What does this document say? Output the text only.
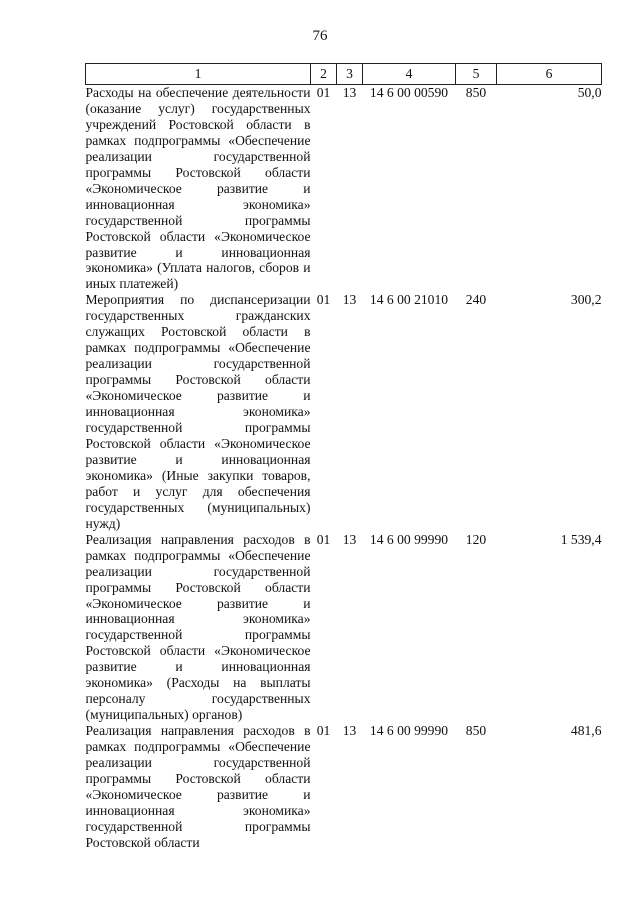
76
1	2	3	4	5	6
Расходы на обеспечение деятельности (оказание услуг) государственных учреждений Ростовской области в рамках подпрограммы «Обеспечение реализации государственной программы Ростовской области «Экономическое развитие и инновационная экономика» государственной программы Ростовской области «Экономическое развитие и инновационная экономика» (Уплата налогов, сборов и иных платежей)	01	13	14 6 00 00590	850	50,0
Мероприятия по диспансеризации государственных гражданских служащих Ростовской области в рамках подпрограммы «Обеспечение реализации государственной программы Ростовской области «Экономическое развитие и инновационная экономика» государственной программы Ростовской области «Экономическое развитие и инновационная экономика» (Иные закупки товаров, работ и услуг для обеспечения государственных (муниципальных) нужд)	01	13	14 6 00 21010	240	300,2
Реализация направления расходов в рамках подпрограммы «Обеспечение реализации государственной программы Ростовской области «Экономическое развитие и инновационная экономика» государственной программы Ростовской области «Экономическое развитие и инновационная экономика» (Расходы на выплаты персоналу государственных (муниципальных) органов)	01	13	14 6 00 99990	120	1 539,4
Реализация направления расходов в рамках подпрограммы «Обеспечение реализации государственной программы Ростовской области «Экономическое развитие и инновационная экономика» государственной программы Ростовской области	01	13	14 6 00 99990	850	481,6
